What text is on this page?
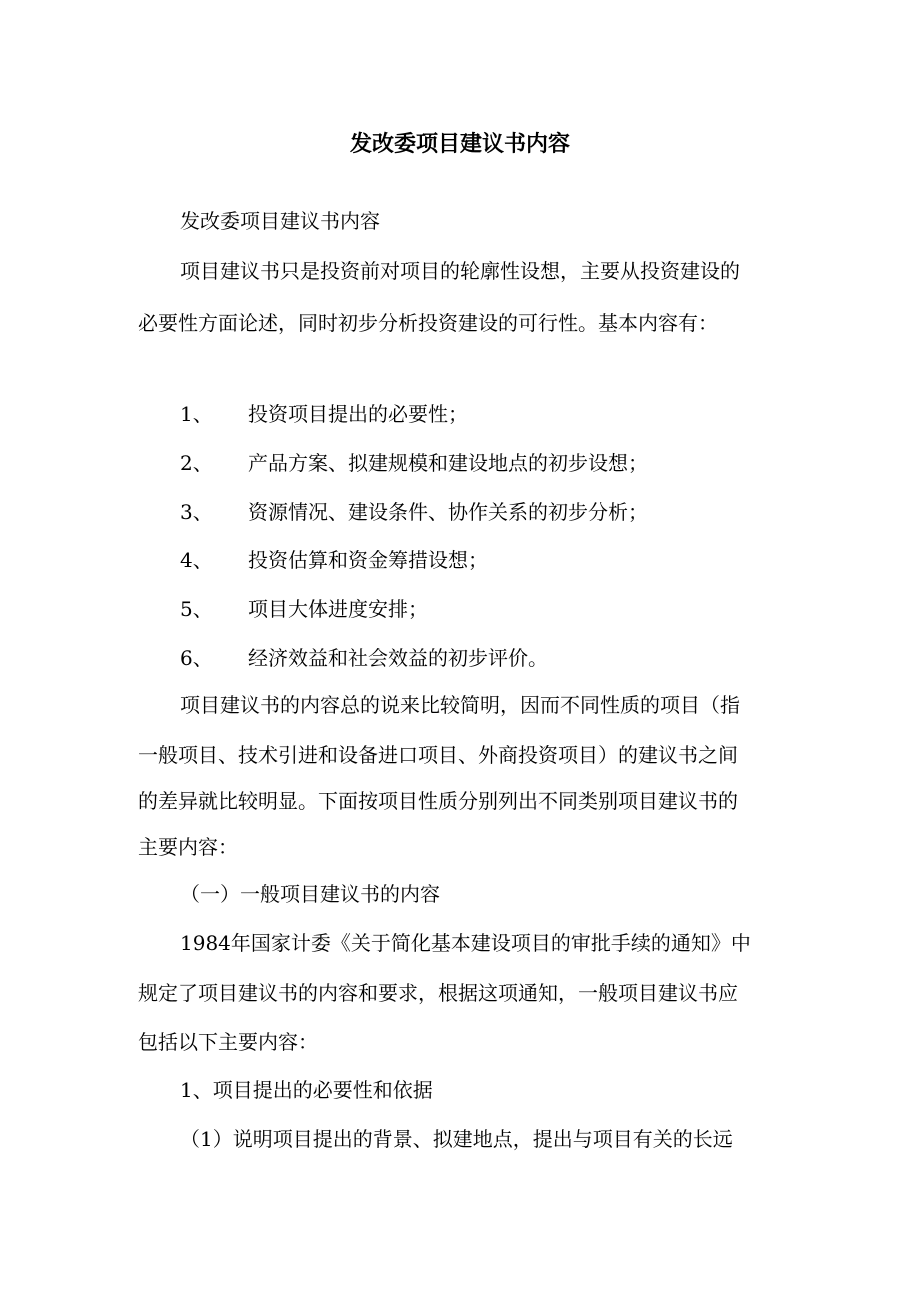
发改委项目建议书内容
发改委项目建议书内容
项目建议书只是投资前对项目的轮廓性设想，主要从投资建设的
必要性方面论述，同时初步分析投资建设的可行性。基本内容有：
1、 投资项目提出的必要性；
2、 产品方案、拟建规模和建设地点的初步设想；
3、 资源情况、建设条件、协作关系的初步分析；
4、 投资估算和资金筹措设想；
5、 项目大体进度安排；
6、 经济效益和社会效益的初步评价。
项目建议书的内容总的说来比较简明，因而不同性质的项目（指
一般项目、技术引进和设备进口项目、外商投资项目）的建议书之间
的差异就比较明显。下面按项目性质分别列出不同类别项目建议书的
主要内容：
（一）一般项目建议书的内容
1984年国家计委《关于简化基本建设项目的审批手续的通知》中
规定了项目建议书的内容和要求，根据这项通知，一般项目建议书应
包括以下主要内容：
1、项目提出的必要性和依据
（1）说明项目提出的背景、拟建地点，提出与项目有关的长远
